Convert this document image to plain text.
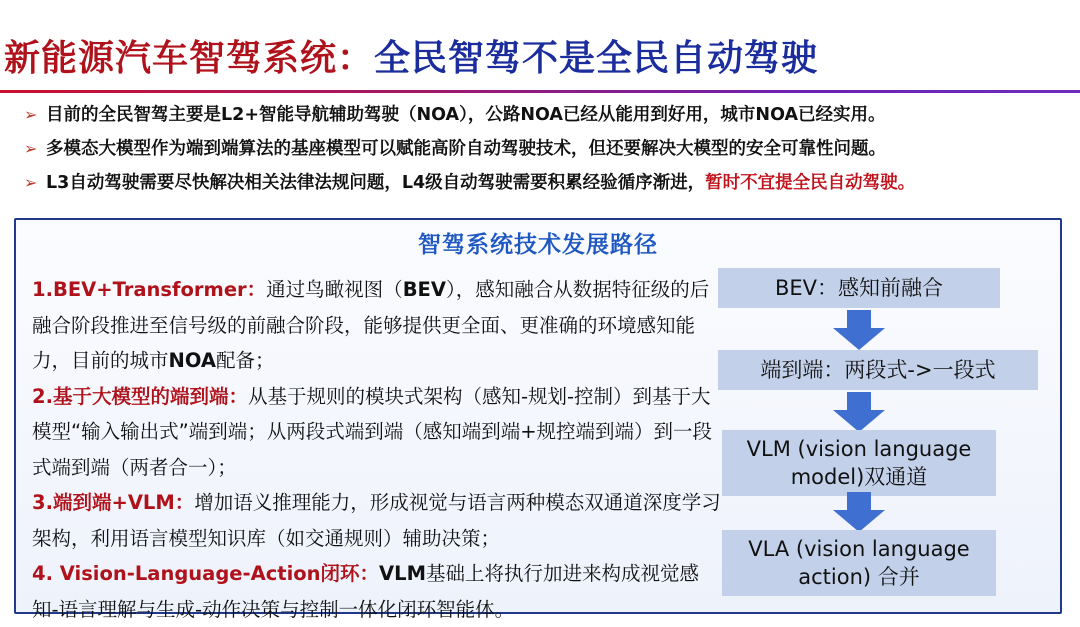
新能源汽车智驾系统：全民智驾不是全民自动驾驶
➢ 目前的全民智驾主要是L2+智能导航辅助驾驶（NOA），公路NOA已经从能用到好用，城市NOA已经实用。
➢ 多模态大模型作为端到端算法的基座模型可以赋能高阶自动驾驶技术，但还要解决大模型的安全可靠性问题。
➢ L3自动驾驶需要尽快解决相关法律法规问题，L4级自动驾驶需要积累经验循序渐进，暂时不宜提全民自动驾驶。
智驾系统技术发展路径
1.BEV+Transformer：通过鸟瞰视图（BEV），感知融合从数据特征级的后融合阶段推进至信号级的前融合阶段，能够提供更全面、更准确的环境感知能力，目前的城市NOA配备；
2.基于大模型的端到端：从基于规则的模块式架构（感知-规划-控制）到基于大模型“输入输出式”端到端；从两段式端到端（感知端到端+规控端到端）到一段式端到端（两者合一）；
3.端到端+VLM：增加语义推理能力，形成视觉与语言两种模态双通道深度学习架构，利用语言模型知识库（如交通规则）辅助决策；
4. Vision-Language-Action闭环：VLM基础上将执行加进来构成视觉感知-语言理解与生成-动作决策与控制一体化闭环智能体。
BEV：感知前融合
端到端：两段式->一段式
VLM (vision language model)双通道
VLA (vision language action) 合并
